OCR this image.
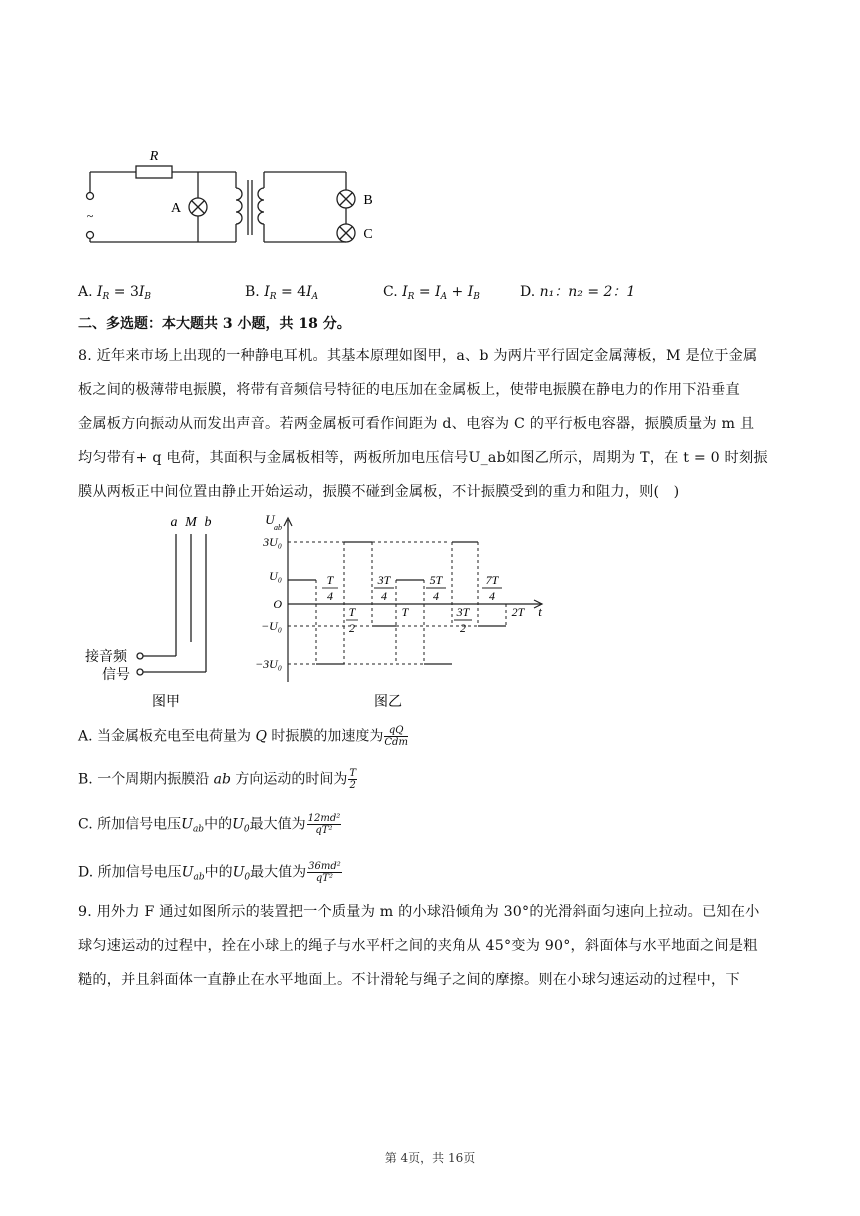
R
A
B
C
~
A. $I_R = 3I_B$	B. $I_R = 4I_A$	C. $I_R = I_A + I_B$	D. n₁：n₂ = 2：1
二、多选题：本大题共 3 小题，共 18 分。
8. 近年来市场上出现的一种静电耳机。其基本原理如图甲，a、b 为两片平行固定金属薄板，M 是位于金属
板之间的极薄带电振膜，将带有音频信号特征的电压加在金属板上，使带电振膜在静电力的作用下沿垂直
金属板方向振动从而发出声音。若两金属板可看作间距为 d、电容为 C 的平行板电容器，振膜质量为 m 且
均匀带有+ q 电荷，其面积与金属板相等，两板所加电压信号U_ab如图乙所示，周期为 T，在 t = 0 时刻振
膜从两板正中间位置由静止开始运动，振膜不碰到金属板，不计振膜受到的重力和阻力，则(　)
a M b
接音频
信号
图甲
U
ab
3U₀
U₀
O
−U₀
−3U₀
t
T
4
3T
4
5T
4
7T
4
T
2
T	3T
2
2T
图乙
A. 当金属板充电至电荷量为 Q 时振膜的加速度为 $\frac{qQ}{\text{Cdm}}$
B. 一个周期内振膜沿 ab 方向运动的时间为 $\frac{T}{2}$
C. 所加信号电压$U_{ab}$中的$U_0$最大值为 $\frac{\text{12md²}}{\text{qT²}}$
D. 所加信号电压$U_{ab}$中的$U_0$最大值为 $\frac{\text{36md²}}{\text{qT²}}$
9. 用外力 F 通过如图所示的装置把一个质量为 m 的小球沿倾角为 30°的光滑斜面匀速向上拉动。已知在小
球匀速运动的过程中，拴在小球上的绳子与水平杆之间的夹角从 45°变为 90°，斜面体与水平地面之间是粗
糙的，并且斜面体一直静止在水平地面上。不计滑轮与绳子之间的摩擦。则在小球匀速运动的过程中，下
第 4页，共 16页
